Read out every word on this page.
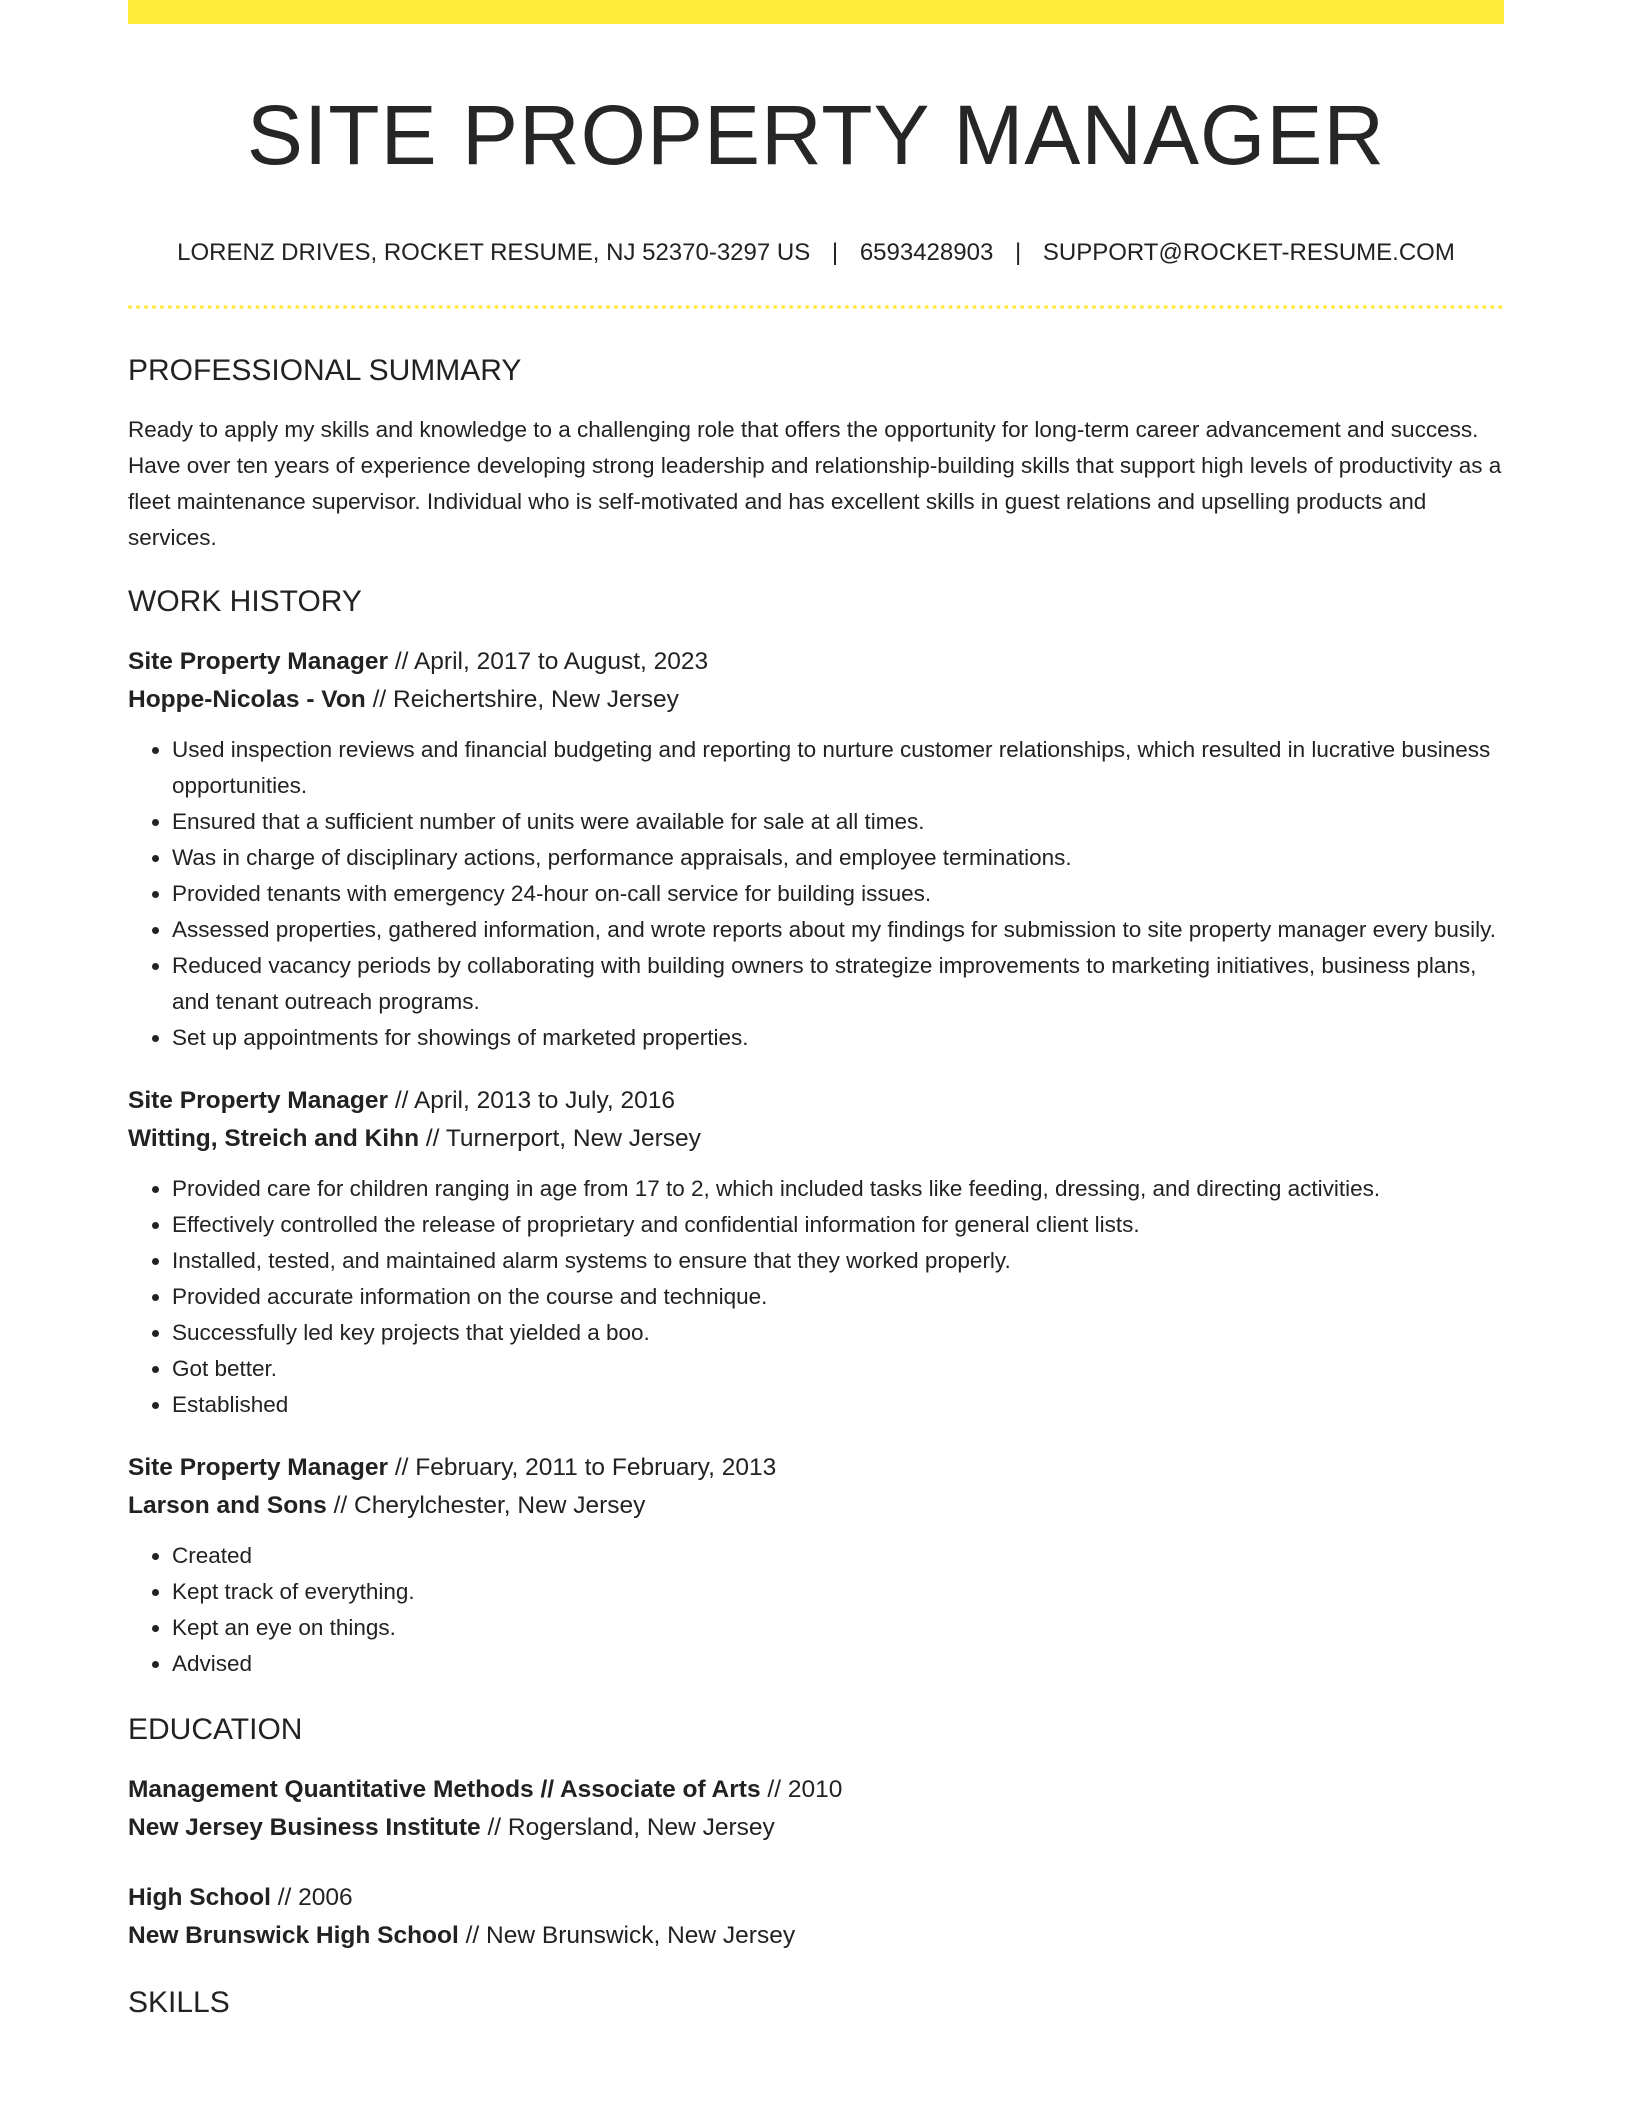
SITE PROPERTY MANAGER
LORENZ DRIVES, ROCKET RESUME, NJ 52370-3297 US | 6593428903 | SUPPORT@ROCKET-RESUME.COM
PROFESSIONAL SUMMARY

Ready to apply my skills and knowledge to a challenging role that offers the opportunity for long-term career advancement and success. Have over ten years of experience developing strong leadership and relationship-building skills that support high levels of productivity as a fleet maintenance supervisor. Individual who is self-motivated and has excellent skills in guest relations and upselling products and services.

WORK HISTORY
Site Property Manager // April, 2017 to August, 2023
Hoppe-Nicolas - Von // Reichertshire, New Jersey
• Used inspection reviews and financial budgeting and reporting to nurture customer relationships, which resulted in lucrative business opportunities.
• Ensured that a sufficient number of units were available for sale at all times.
• Was in charge of disciplinary actions, performance appraisals, and employee terminations.
• Provided tenants with emergency 24-hour on-call service for building issues.
• Assessed properties, gathered information, and wrote reports about my findings for submission to site property manager every busily.
• Reduced vacancy periods by collaborating with building owners to strategize improvements to marketing initiatives, business plans, and tenant outreach programs.
• Set up appointments for showings of marketed properties.
Site Property Manager // April, 2013 to July, 2016
Witting, Streich and Kihn // Turnerport, New Jersey
• Provided care for children ranging in age from 17 to 2, which included tasks like feeding, dressing, and directing activities.
• Effectively controlled the release of proprietary and confidential information for general client lists.
• Installed, tested, and maintained alarm systems to ensure that they worked properly.
• Provided accurate information on the course and technique.
• Successfully led key projects that yielded a boo.
• Got better.
• Established
Site Property Manager // February, 2011 to February, 2013
Larson and Sons // Cherylchester, New Jersey
• Created
• Kept track of everything.
• Kept an eye on things.
• Advised
EDUCATION
Management Quantitative Methods // Associate of Arts // 2010
New Jersey Business Institute // Rogersland, New Jersey
High School // 2006
New Brunswick High School // New Brunswick, New Jersey
SKILLS
